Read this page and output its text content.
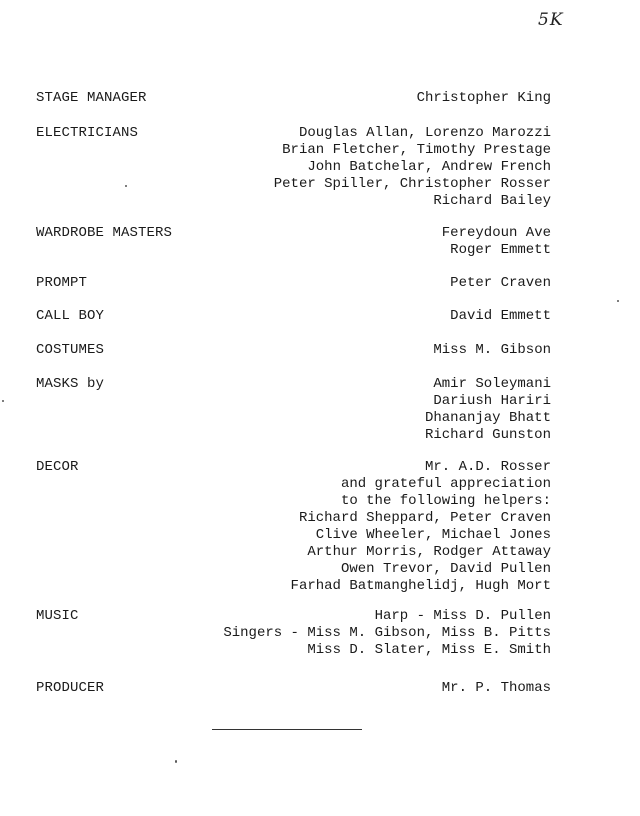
5K
STAGE MANAGER	Christopher King
ELECTRICIANS	Douglas Allan, Lorenzo Marozzi
Brian Fletcher, Timothy Prestage
John Batchelar, Andrew French
Peter Spiller, Christopher Rosser
Richard Bailey
WARDROBE MASTERS	Fereydoun Ave
Roger Emmett
PROMPT	Peter Craven
CALL BOY	David Emmett
COSTUMES	Miss M. Gibson
MASKS by	Amir Soleymani
Dariush Hariri
Dhananjay Bhatt
Richard Gunston
DECOR	Mr. A.D. Rosser
and grateful appreciation
to the following helpers:
Richard Sheppard, Peter Craven
Clive Wheeler, Michael Jones
Arthur Morris, Rodger Attaway
Owen Trevor, David Pullen
Farhad Batmanghelidj, Hugh Mort
MUSIC	Harp - Miss D. Pullen
Singers - Miss M. Gibson, Miss B. Pitts
Miss D. Slater, Miss E. Smith
PRODUCER	Mr. P. Thomas
